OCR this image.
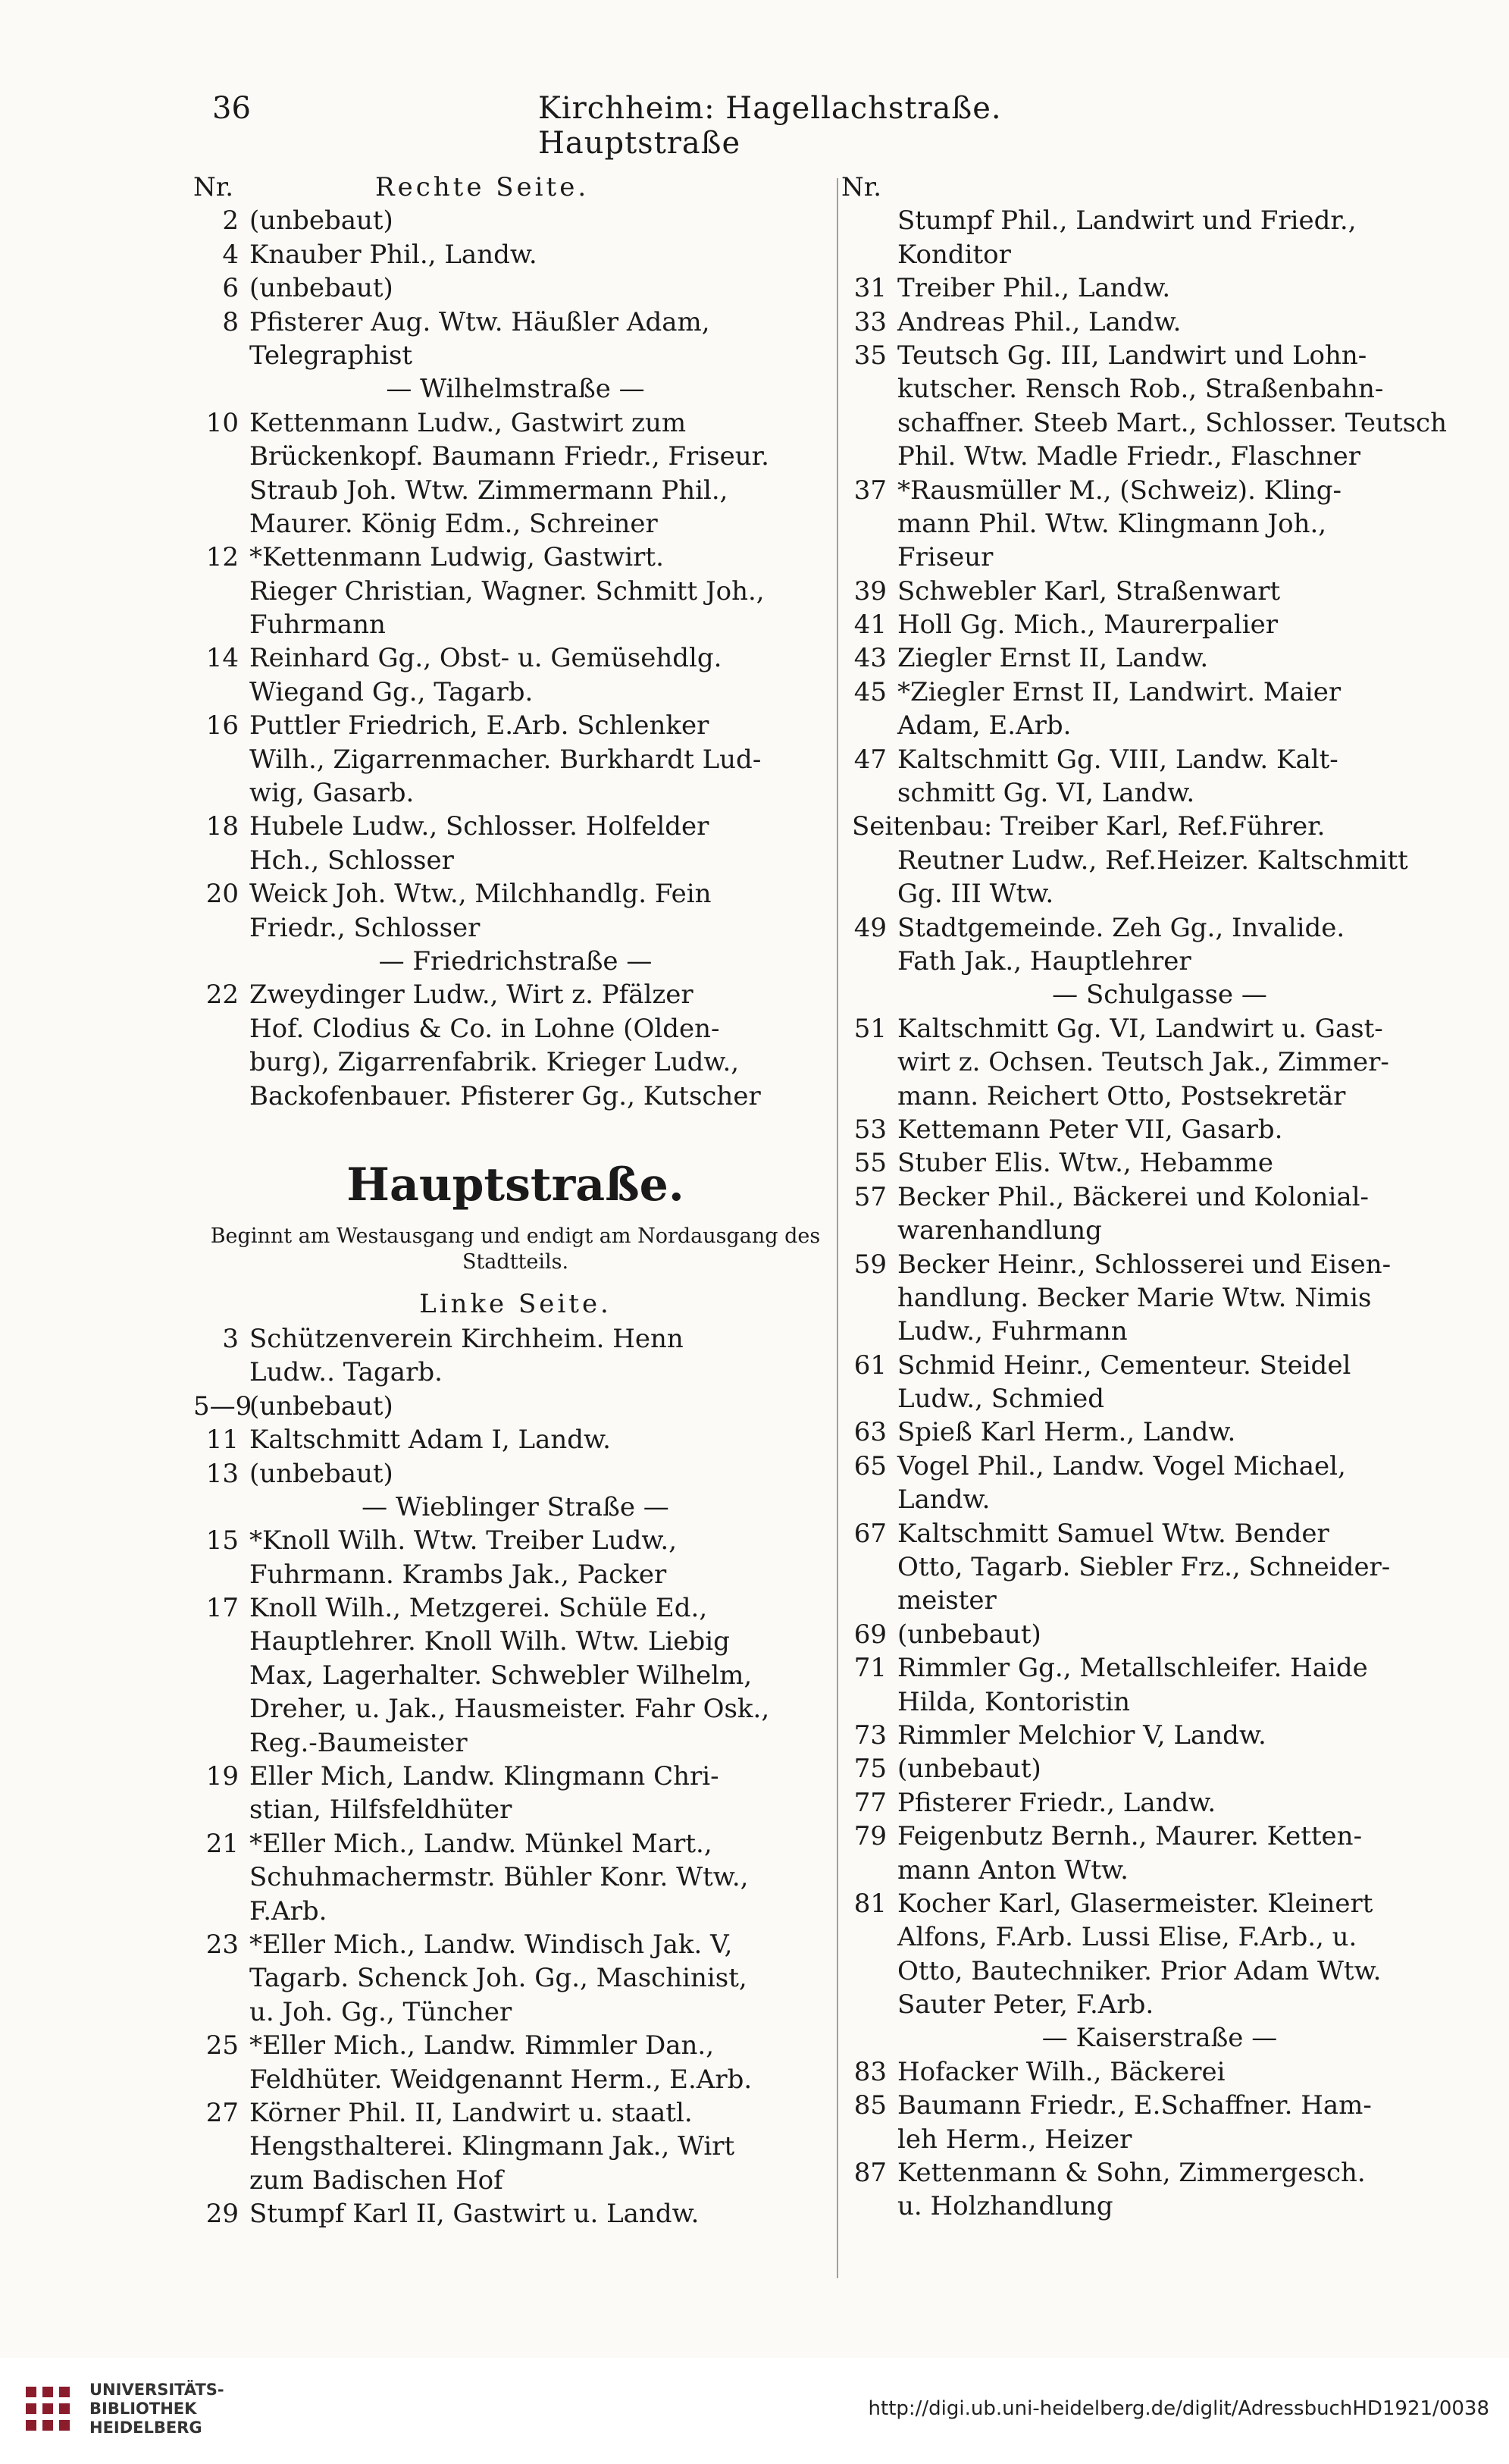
36	Kirchheim: Hagellachstraße. Hauptstraße
Nr.	Rechte Seite.
2 (unbebaut)
4 Knauber Phil., Landw.
6 (unbebaut)
8 Pfisterer Aug. Wtw. Häußler Adam,
Telegraphist
— Wilhelmstraße —
10 Kettenmann Ludw., Gastwirt zum
Brückenkopf. Baumann Friedr., Friseur.
Straub Joh. Wtw. Zimmermann Phil.,
Maurer. König Edm., Schreiner
12 *Kettenmann Ludwig, Gastwirt.
Rieger Christian, Wagner. Schmitt Joh.,
Fuhrmann
14 Reinhard Gg., Obst- u. Gemüsehdlg.
Wiegand Gg., Tagarb.
16 Puttler Friedrich, E.Arb. Schlenker
Wilh., Zigarrenmacher. Burkhardt Lud-
wig, Gasarb.
18 Hubele Ludw., Schlosser. Holfelder
Hch., Schlosser
20 Weick Joh. Wtw., Milchhandlg. Fein
Friedr., Schlosser
— Friedrichstraße —
22 Zweydinger Ludw., Wirt z. Pfälzer
Hof. Clodius & Co. in Lohne (Olden-
burg), Zigarrenfabrik. Krieger Ludw.,
Backofenbauer. Pfisterer Gg., Kutscher
Hauptstraße.
Beginnt am Westausgang und endigt am Nordausgang des Stadtteils.
Linke Seite.
3 Schützenverein Kirchheim. Henn
Ludw.. Tagarb.
5—9
(unbebaut)
11 Kaltschmitt Adam I, Landw.
13 (unbebaut)
— Wieblinger Straße —
15 *Knoll Wilh. Wtw. Treiber Ludw.,
Fuhrmann. Krambs Jak., Packer
17 Knoll Wilh., Metzgerei. Schüle Ed.,
Hauptlehrer. Knoll Wilh. Wtw. Liebig
Max, Lagerhalter. Schwebler Wilhelm,
Dreher, u. Jak., Hausmeister. Fahr Osk.,
Reg.-Baumeister
19 Eller Mich, Landw. Klingmann Chri-
stian, Hilfsfeldhüter
21 *Eller Mich., Landw. Münkel Mart.,
Schuhmachermstr. Bühler Konr. Wtw.,
F.Arb.
23 *Eller Mich., Landw. Windisch Jak. V,
Tagarb. Schenck Joh. Gg., Maschinist,
u. Joh. Gg., Tüncher
25 *Eller Mich., Landw. Rimmler Dan.,
Feldhüter. Weidgenannt Herm., E.Arb.
27 Körner Phil. II, Landwirt u. staatl.
Hengsthalterei. Klingmann Jak., Wirt
zum Badischen Hof
29 Stumpf Karl II, Gastwirt u. Landw.
Nr.
Stumpf Phil., Landwirt und Friedr.,
Konditor
31 Treiber Phil., Landw.
33 Andreas Phil., Landw.
35 Teutsch Gg. III, Landwirt und Lohn-
kutscher. Rensch Rob., Straßenbahn-
schaffner. Steeb Mart., Schlosser. Teutsch
Phil. Wtw. Madle Friedr., Flaschner
37 *Rausmüller M., (Schweiz). Kling-
mann Phil. Wtw. Klingmann Joh.,
Friseur
39 Schwebler Karl, Straßenwart
41 Holl Gg. Mich., Maurerpalier
43 Ziegler Ernst II, Landw.
45 *Ziegler Ernst II, Landwirt. Maier
Adam, E.Arb.
47 Kaltschmitt Gg. VIII, Landw. Kalt-
schmitt Gg. VI, Landw.
Seitenbau: Treiber Karl, Ref.Führer.
Reutner Ludw., Ref.Heizer. Kaltschmitt
Gg. III Wtw.
49 Stadtgemeinde. Zeh Gg., Invalide.
Fath Jak., Hauptlehrer
— Schulgasse —
51 Kaltschmitt Gg. VI, Landwirt u. Gast-
wirt z. Ochsen. Teutsch Jak., Zimmer-
mann. Reichert Otto, Postsekretär
53 Kettemann Peter VII, Gasarb.
55 Stuber Elis. Wtw., Hebamme
57 Becker Phil., Bäckerei und Kolonial-
warenhandlung
59 Becker Heinr., Schlosserei und Eisen-
handlung. Becker Marie Wtw. Nimis
Ludw., Fuhrmann
61 Schmid Heinr., Cementeur. Steidel
Ludw., Schmied
63 Spieß Karl Herm., Landw.
65 Vogel Phil., Landw. Vogel Michael,
Landw.
67 Kaltschmitt Samuel Wtw. Bender
Otto, Tagarb. Siebler Frz., Schneider-
meister
69 (unbebaut)
71 Rimmler Gg., Metallschleifer. Haide
Hilda, Kontoristin
73 Rimmler Melchior V, Landw.
75 (unbebaut)
77 Pfisterer Friedr., Landw.
79 Feigenbutz Bernh., Maurer. Ketten-
mann Anton Wtw.
81 Kocher Karl, Glasermeister. Kleinert
Alfons, F.Arb. Lussi Elise, F.Arb., u.
Otto, Bautechniker. Prior Adam Wtw.
Sauter Peter, F.Arb.
— Kaiserstraße —
83 Hofacker Wilh., Bäckerei
85 Baumann Friedr., E.Schaffner. Ham-
leh Herm., Heizer
87 Kettenmann & Sohn, Zimmergesch.
u. Holzhandlung
UNIVERSITÄTS-
BIBLIOTHEK
HEIDELBERG
http://digi.ub.uni-heidelberg.de/diglit/AdressbuchHD1921/0038
